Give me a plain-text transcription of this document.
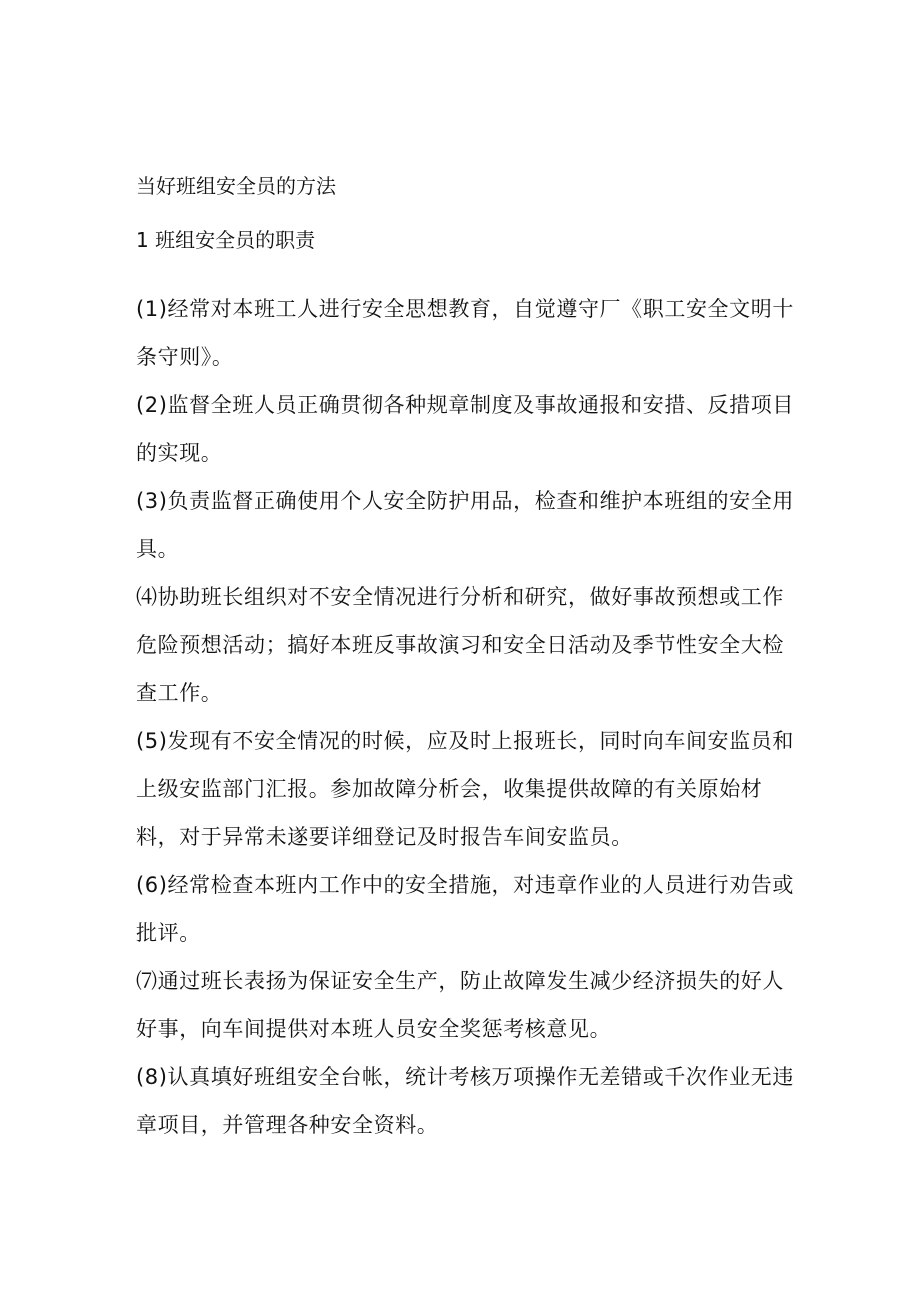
当好班组安全员的方法
1 班组安全员的职责
(1)经常对本班工人进行安全思想教育，自觉遵守厂《职工安全文明十条守则》。
(2)监督全班人员正确贯彻各种规章制度及事故通报和安措、反措项目的实现。
(3)负责监督正确使用个人安全防护用品，检查和维护本班组的安全用具。
⑷协助班长组织对不安全情况进行分析和研究，做好事故预想或工作危险预想活动；搞好本班反事故演习和安全日活动及季节性安全大检查工作。
(5)发现有不安全情况的时候，应及时上报班长，同时向车间安监员和上级安监部门汇报。参加故障分析会，收集提供故障的有关原始材料，对于异常未遂要详细登记及时报告车间安监员。
(6)经常检查本班内工作中的安全措施，对违章作业的人员进行劝告或批评。
⑺通过班长表扬为保证安全生产，防止故障发生减少经济损失的好人好事，向车间提供对本班人员安全奖惩考核意见。
(8)认真填好班组安全台帐，统计考核万项操作无差错或千次作业无违章项目，并管理各种安全资料。
